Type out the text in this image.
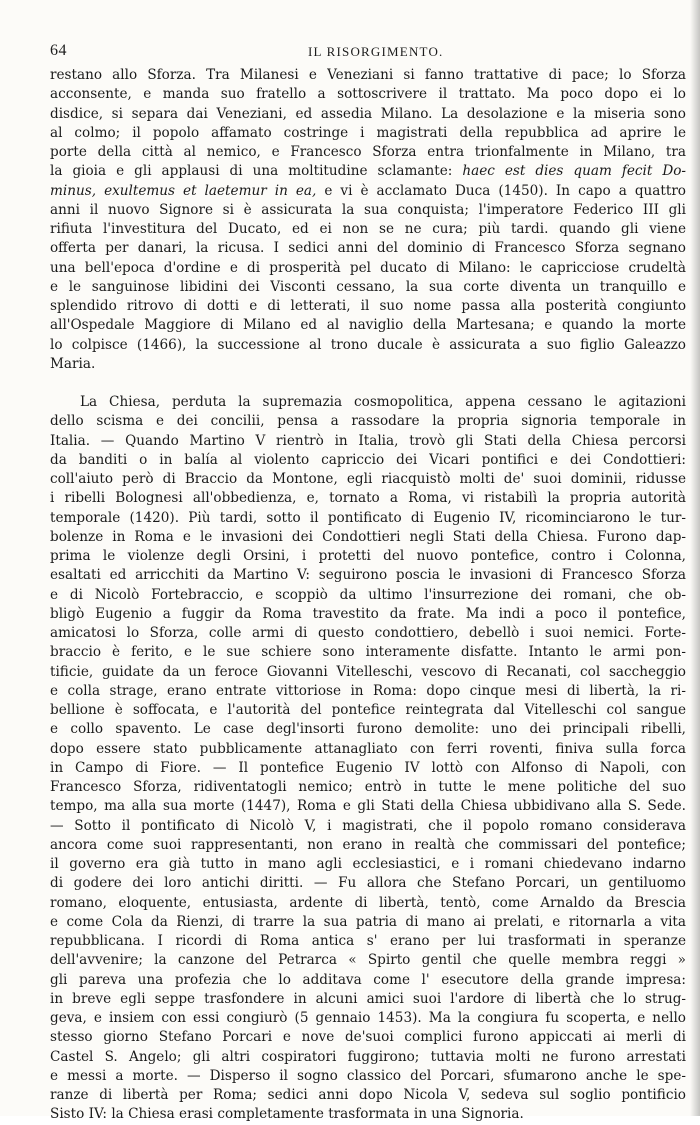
64	IL RISORGIMENTO.
restano allo Sforza. Tra Milanesi e Veneziani si fanno trattative di pace; lo Sforza
acconsente, e manda suo fratello a sottoscrivere il trattato. Ma poco dopo ei lo
disdice, si separa dai Veneziani, ed assedia Milano. La desolazione e la miseria sono
al colmo; il popolo affamato costringe i magistrati della repubblica ad aprire le
porte della città al nemico, e Francesco Sforza entra trionfalmente in Milano, tra
la gioia e gli applausi di una moltitudine sclamante: haec est dies quam fecit Do-
minus, exultemus et laetemur in ea, e vi è acclamato Duca (1450). In capo a quattro
anni il nuovo Signore si è assicurata la sua conquista; l'imperatore Federico III gli
rifiuta l'investitura del Ducato, ed ei non se ne cura; più tardi. quando gli viene
offerta per danari, la ricusa. I sedici anni del dominio di Francesco Sforza segnano
una bell'epoca d'ordine e di prosperità pel ducato di Milano: le capricciose crudeltà
e le sanguinose libidini dei Visconti cessano, la sua corte diventa un tranquillo e
splendido ritrovo di dotti e di letterati, il suo nome passa alla posterità congiunto
all'Ospedale Maggiore di Milano ed al naviglio della Martesana; e quando la morte
lo colpisce (1466), la successione al trono ducale è assicurata a suo figlio Galeazzo
Maria.
La Chiesa, perduta la supremazia cosmopolitica, appena cessano le agitazioni
dello scisma e dei concilii, pensa a rassodare la propria signoria temporale in
Italia. — Quando Martino V rientrò in Italia, trovò gli Stati della Chiesa percorsi
da banditi o in balía al violento capriccio dei Vicari pontifici e dei Condottieri:
coll'aiuto però di Braccio da Montone, egli riacquistò molti de' suoi dominii, ridusse
i ribelli Bolognesi all'obbedienza, e, tornato a Roma, vi ristabilì la propria autorità
temporale (1420). Più tardi, sotto il pontificato di Eugenio IV, ricominciarono le tur-
bolenze in Roma e le invasioni dei Condottieri negli Stati della Chiesa. Furono dap-
prima le violenze degli Orsini, i protetti del nuovo pontefice, contro i Colonna,
esaltati ed arricchiti da Martino V: seguirono poscia le invasioni di Francesco Sforza
e di Nicolò Fortebraccio, e scoppiò da ultimo l'insurrezione dei romani, che ob-
bligò Eugenio a fuggir da Roma travestito da frate. Ma indi a poco il pontefice,
amicatosi lo Sforza, colle armi di questo condottiero, debellò i suoi nemici. Forte-
braccio è ferito, e le sue schiere sono interamente disfatte. Intanto le armi pon-
tificie, guidate da un feroce Giovanni Vitelleschi, vescovo di Recanati, col saccheggio
e colla strage, erano entrate vittoriose in Roma: dopo cinque mesi di libertà, la ri-
bellione è soffocata, e l'autorità del pontefice reintegrata dal Vitelleschi col sangue
e collo spavento. Le case degl'insorti furono demolite: uno dei principali ribelli,
dopo essere stato pubblicamente attanagliato con ferri roventi, finiva sulla forca
in Campo di Fiore. — Il pontefice Eugenio IV lottò con Alfonso di Napoli, con
Francesco Sforza, ridiventatogli nemico; entrò in tutte le mene politiche del suo
tempo, ma alla sua morte (1447), Roma e gli Stati della Chiesa ubbidivano alla S. Sede.
— Sotto il pontificato di Nicolò V, i magistrati, che il popolo romano considerava
ancora come suoi rappresentanti, non erano in realtà che commissari del pontefice;
il governo era già tutto in mano agli ecclesiastici, e i romani chiedevano indarno
di godere dei loro antichi diritti. — Fu allora che Stefano Porcari, un gentiluomo
romano, eloquente, entusiasta, ardente di libertà, tentò, come Arnaldo da Brescia
e come Cola da Rienzi, di trarre la sua patria di mano ai prelati, e ritornarla a vita
repubblicana. I ricordi di Roma antica s' erano per lui trasformati in speranze
dell'avvenire; la canzone del Petrarca « Spirto gentil che quelle membra reggi »
gli pareva una profezia che lo additava come l' esecutore della grande impresa:
in breve egli seppe trasfondere in alcuni amici suoi l'ardore di libertà che lo strug-
geva, e insiem con essi congiurò (5 gennaio 1453). Ma la congiura fu scoperta, e nello
stesso giorno Stefano Porcari e nove de'suoi complici furono appiccati ai merli di
Castel S. Angelo; gli altri cospiratori fuggirono; tuttavia molti ne furono arrestati
e messi a morte. — Disperso il sogno classico del Porcari, sfumarono anche le spe-
ranze di libertà per Roma; sedici anni dopo Nicola V, sedeva sul soglio pontificio
Sisto IV: la Chiesa erasi completamente trasformata in una Signoria.
